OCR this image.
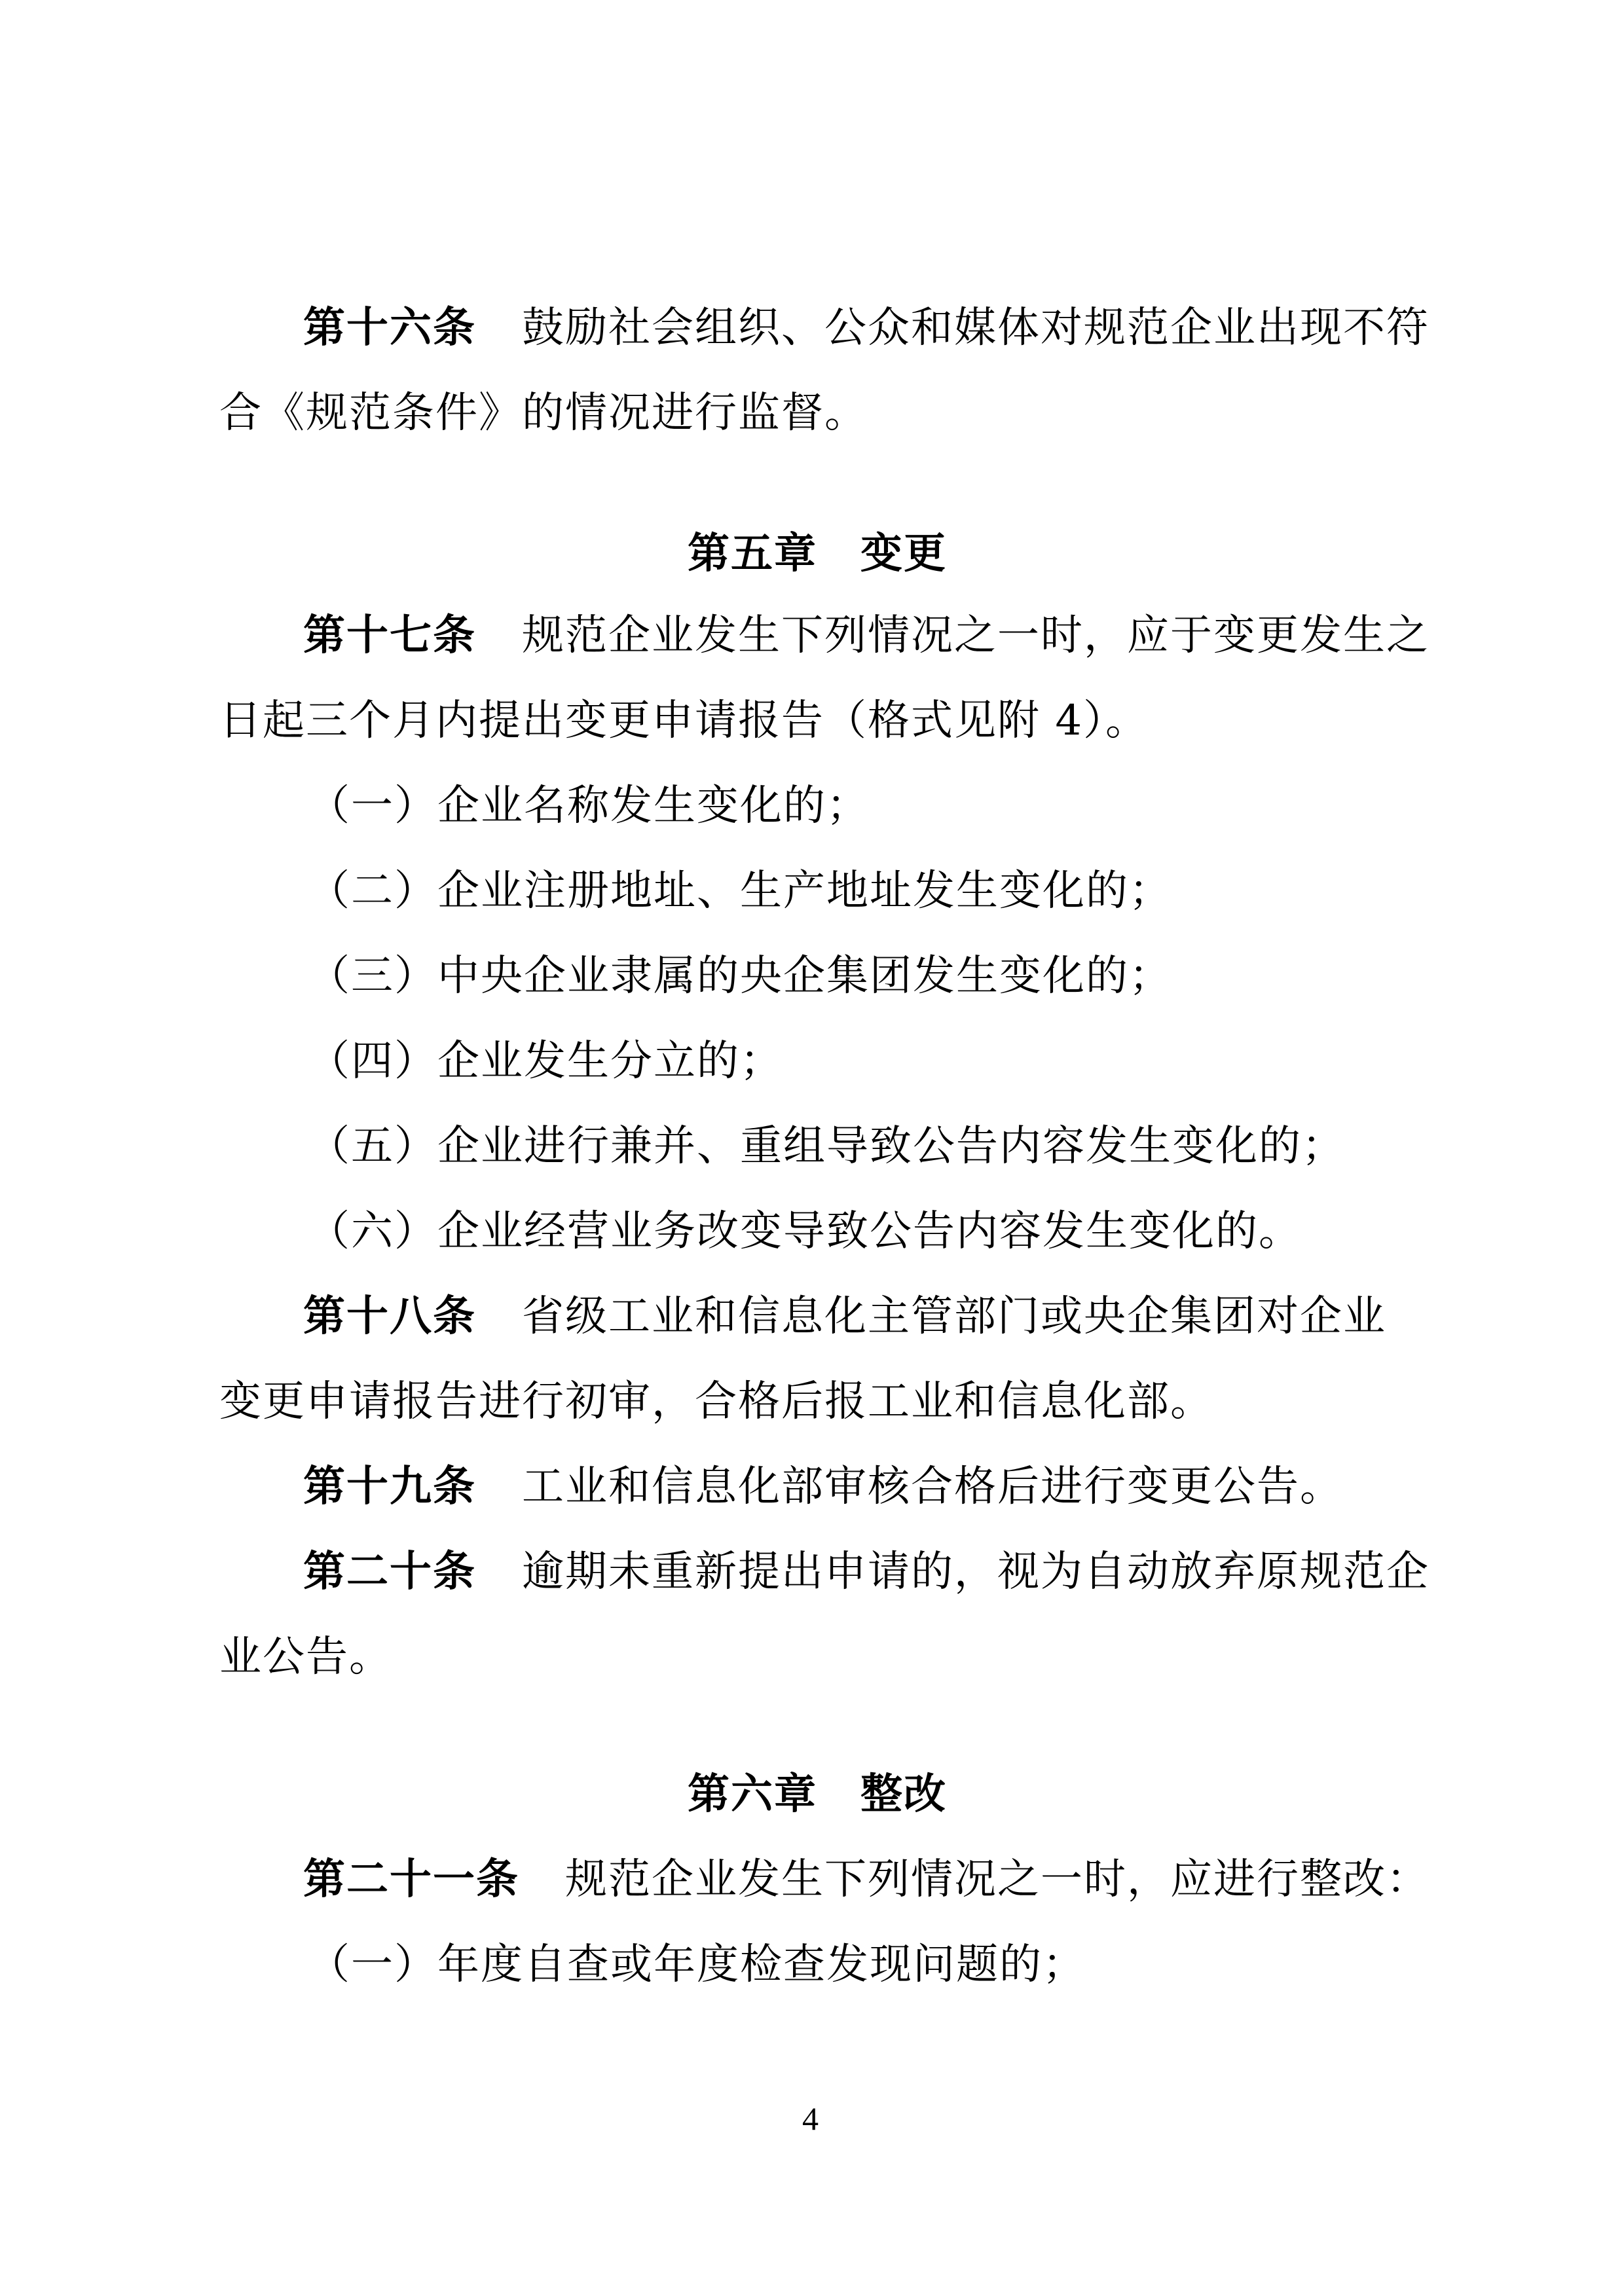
第十六条 鼓励社会组织、公众和媒体对规范企业出现不符
合《规范条件》的情况进行监督。
第五章　变更
第十七条 规范企业发生下列情况之一时，应于变更发生之
日起三个月内提出变更申请报告（格式见附 4）。
（一）企业名称发生变化的；
（二）企业注册地址、生产地址发生变化的；
（三）中央企业隶属的央企集团发生变化的；
（四）企业发生分立的；
（五）企业进行兼并、重组导致公告内容发生变化的；
（六）企业经营业务改变导致公告内容发生变化的。
第十八条 省级工业和信息化主管部门或央企集团对企业
变更申请报告进行初审，合格后报工业和信息化部。
第十九条 工业和信息化部审核合格后进行变更公告。
第二十条 逾期未重新提出申请的，视为自动放弃原规范企
业公告。
第六章　整改
第二十一条 规范企业发生下列情况之一时，应进行整改：
（一）年度自查或年度检查发现问题的；
4
